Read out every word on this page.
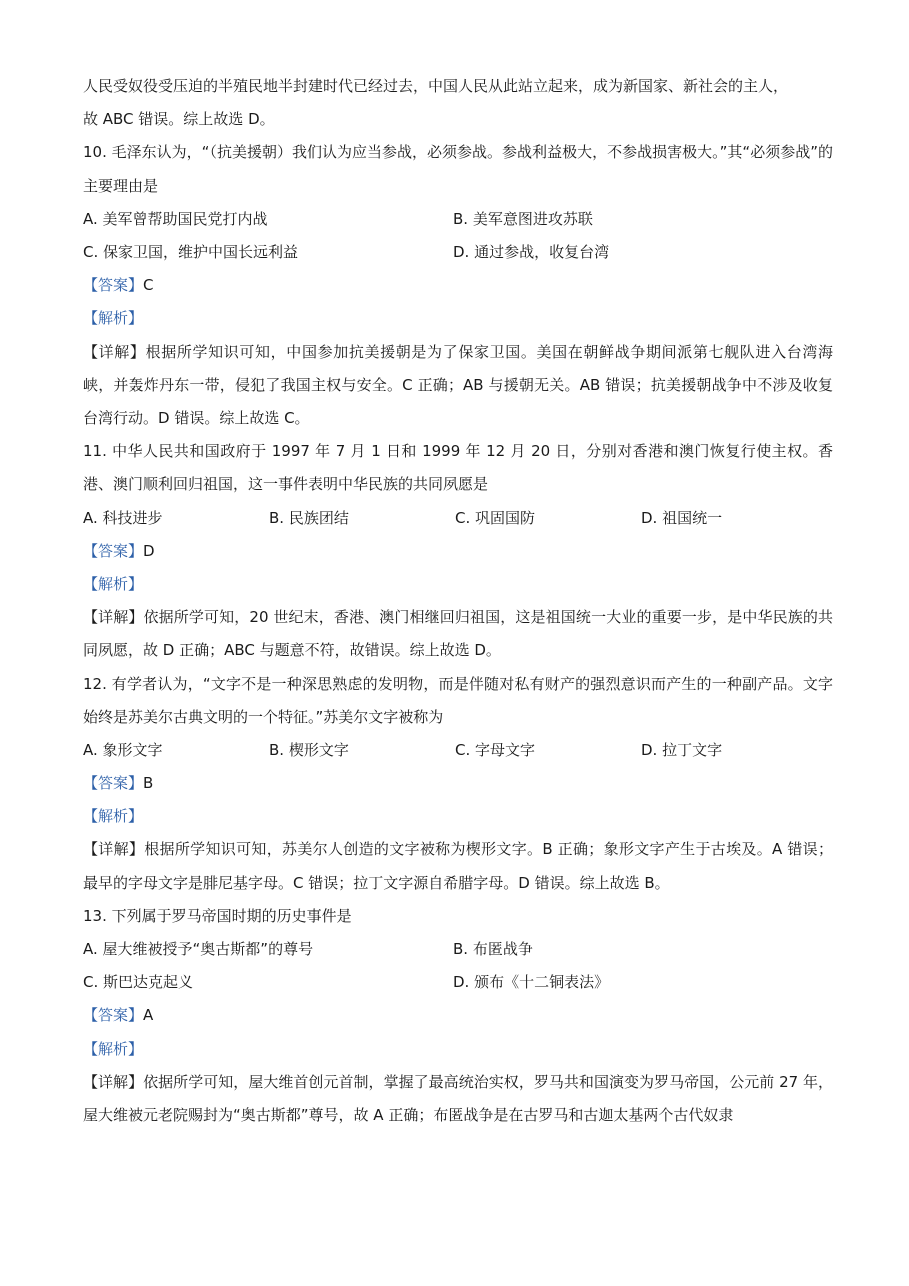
人民受奴役受压迫的半殖民地半封建时代已经过去，中国人民从此站立起来，成为新国家、新社会的主人，
故 ABC 错误。综上故选 D。
10. 毛泽东认为，“（抗美援朝）我们认为应当参战，必须参战。参战利益极大，不参战损害极大。”其“必须参战”的主要理由是
A. 美军曾帮助国民党打内战	B. 美军意图进攻苏联
C. 保家卫国，维护中国长远利益	D. 通过参战，收复台湾
【答案】C
【解析】
【详解】根据所学知识可知，中国参加抗美援朝是为了保家卫国。美国在朝鲜战争期间派第七舰队进入台湾海峡，并轰炸丹东一带，侵犯了我国主权与安全。C 正确；AB 与援朝无关。AB 错误；抗美援朝战争中不涉及收复台湾行动。D 错误。综上故选 C。
11. 中华人民共和国政府于 1997 年 7 月 1 日和 1999 年 12 月 20 日，分别对香港和澳门恢复行使主权。香港、澳门顺利回归祖国，这一事件表明中华民族的共同夙愿是
A. 科技进步	B. 民族团结	C. 巩固国防	D. 祖国统一
【答案】D
【解析】
【详解】依据所学可知，20 世纪末，香港、澳门相继回归祖国，这是祖国统一大业的重要一步，是中华民族的共同夙愿，故 D 正确；ABC 与题意不符，故错误。综上故选 D。
12. 有学者认为，“文字不是一种深思熟虑的发明物，而是伴随对私有财产的强烈意识而产生的一种副产品。文字始终是苏美尔古典文明的一个特征。”苏美尔文字被称为
A. 象形文字	B. 楔形文字	C. 字母文字	D. 拉丁文字
【答案】B
【解析】
【详解】根据所学知识可知，苏美尔人创造的文字被称为楔形文字。B 正确；象形文字产生于古埃及。A 错误；最早的字母文字是腓尼基字母。C 错误；拉丁文字源自希腊字母。D 错误。综上故选 B。
13. 下列属于罗马帝国时期的历史事件是
A. 屋大维被授予“奥古斯都”的尊号	B. 布匿战争
C. 斯巴达克起义	D. 颁布《十二铜表法》
【答案】A
【解析】
【详解】依据所学可知，屋大维首创元首制，掌握了最高统治实权，罗马共和国演变为罗马帝国，公元前 27 年，屋大维被元老院赐封为“奥古斯都”尊号，故 A 正确；布匿战争是在古罗马和古迦太基两个古代奴隶
